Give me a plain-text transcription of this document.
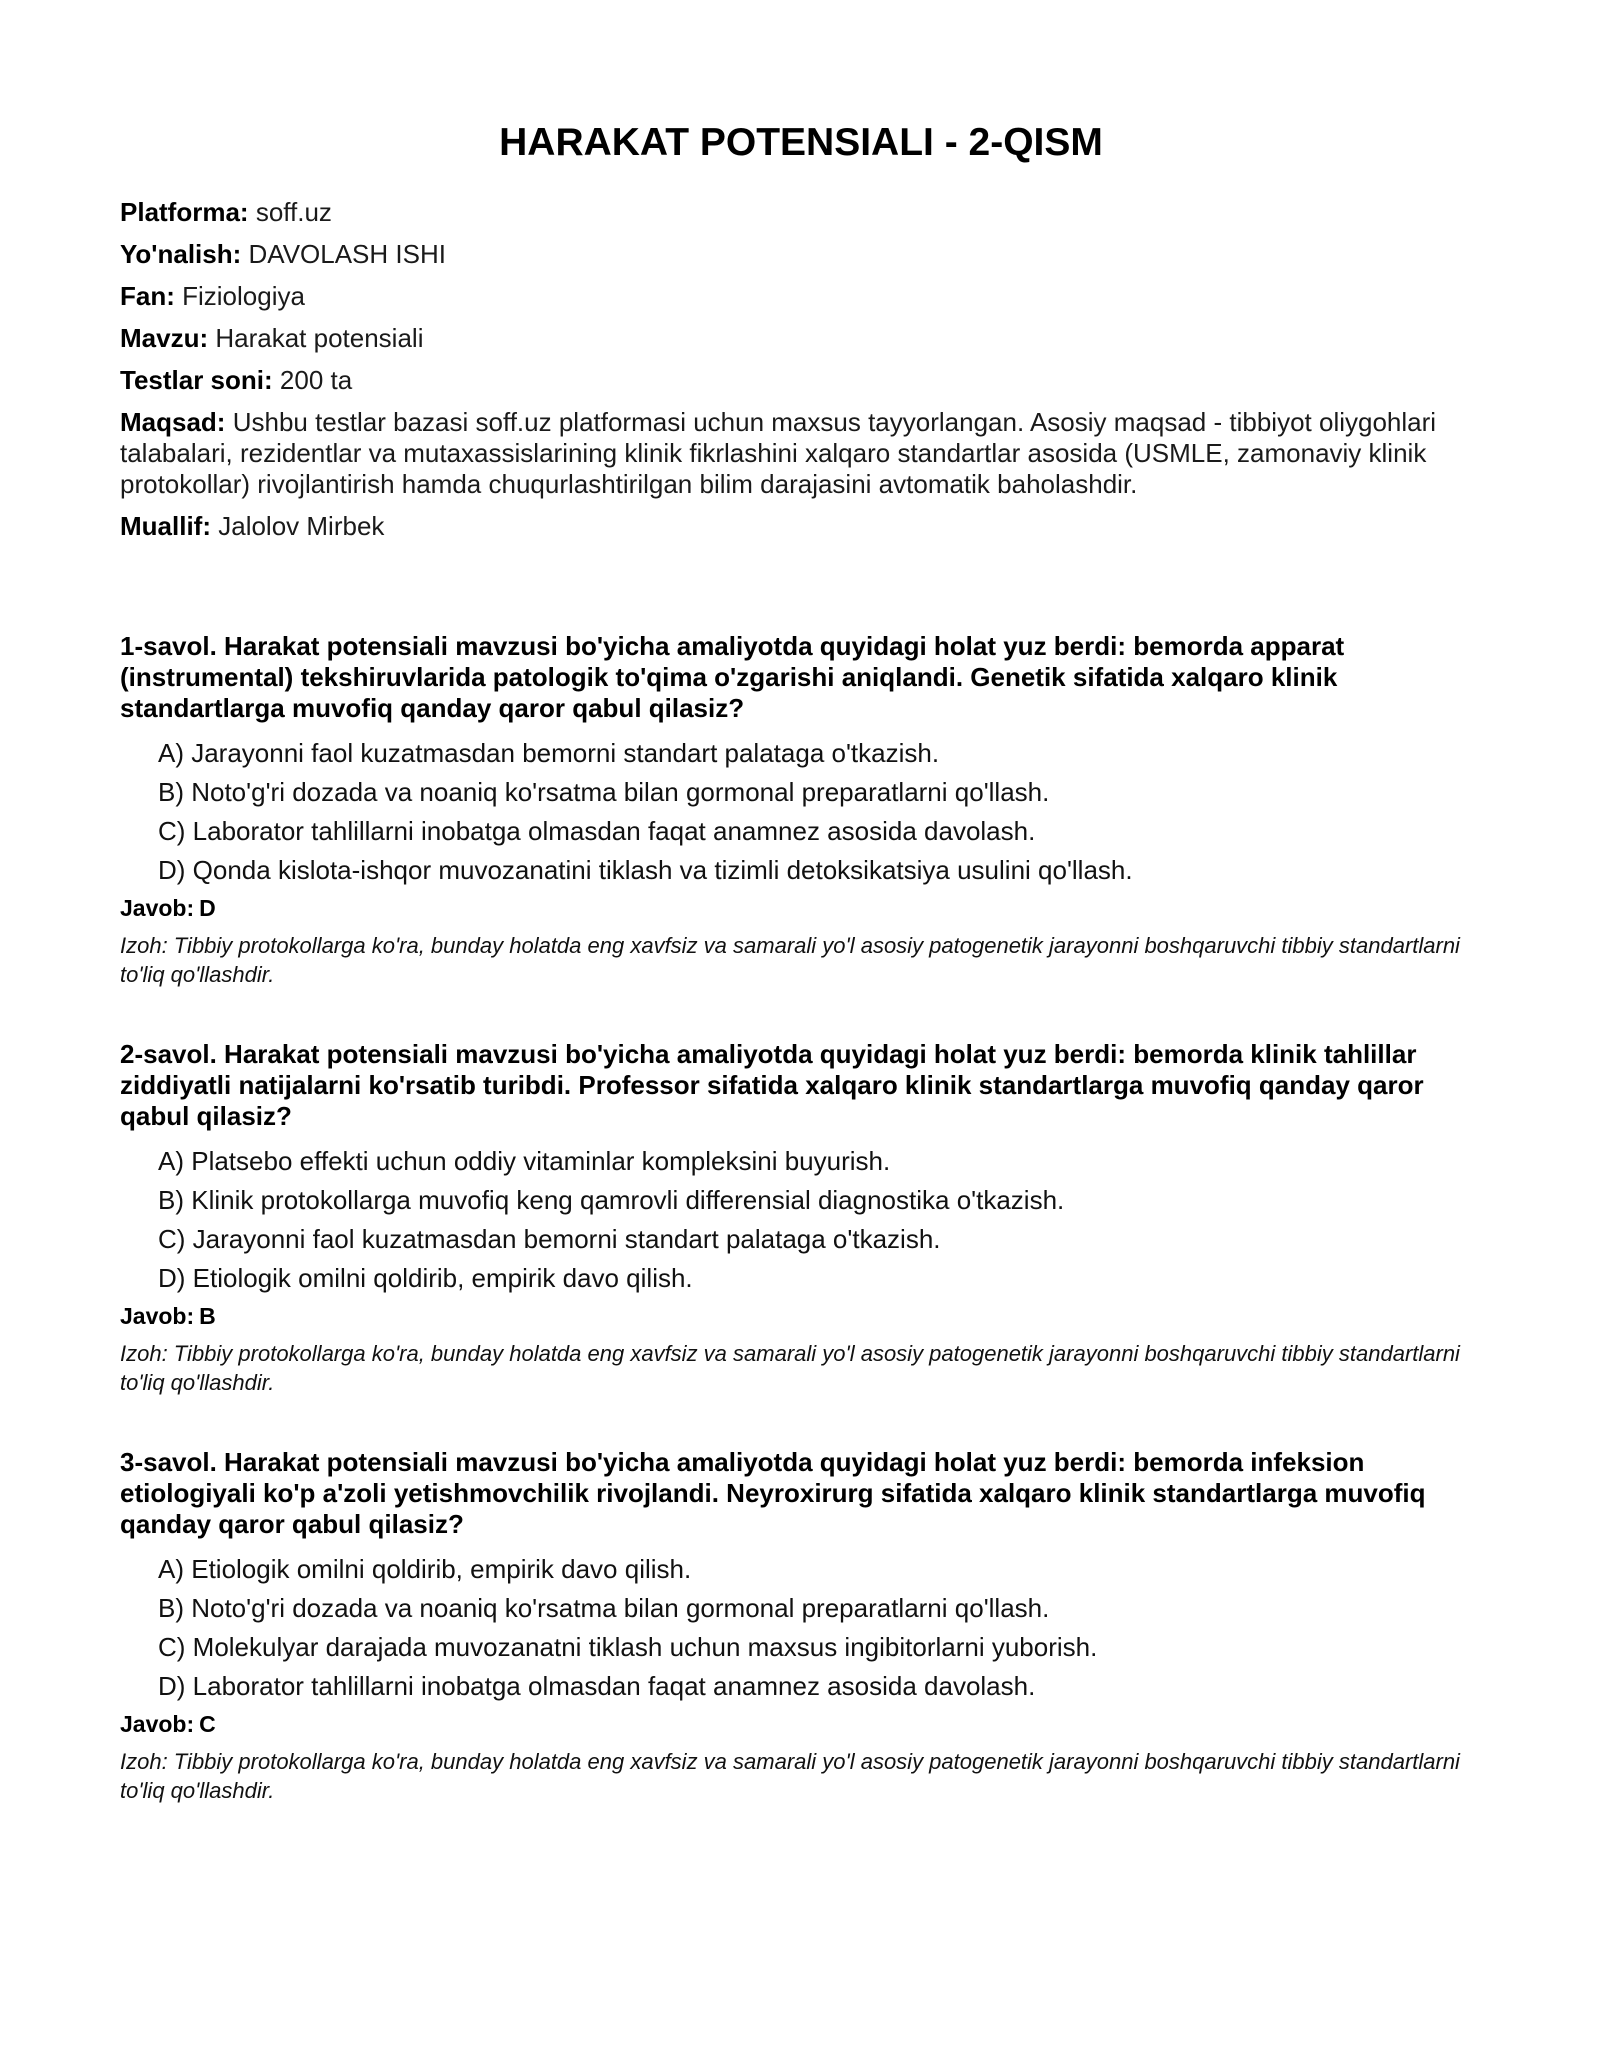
HARAKAT POTENSIALI - 2-QISM
Platforma: soff.uz
Yo'nalish: DAVOLASH ISHI
Fan: Fiziologiya
Mavzu: Harakat potensiali
Testlar soni: 200 ta
Maqsad: Ushbu testlar bazasi soff.uz platformasi uchun maxsus tayyorlangan. Asosiy maqsad - tibbiyot oliygohlari talabalari, rezidentlar va mutaxassislarining klinik fikrlashini xalqaro standartlar asosida (USMLE, zamonaviy klinik protokollar) rivojlantirish hamda chuqurlashtirilgan bilim darajasini avtomatik baholashdir.
Muallif: Jalolov Mirbek

1-savol. Harakat potensiali mavzusi bo'yicha amaliyotda quyidagi holat yuz berdi: bemorda apparat (instrumental) tekshiruvlarida patologik to'qima o'zgarishi aniqlandi. Genetik sifatida xalqaro klinik standartlarga muvofiq qanday qaror qabul qilasiz?

A) Jarayonni faol kuzatmasdan bemorni standart palataga o'tkazish.
B) Noto'g'ri dozada va noaniq ko'rsatma bilan gormonal preparatlarni qo'llash.
C) Laborator tahlillarni inobatga olmasdan faqat anamnez asosida davolash.
D) Qonda kislota-ishqor muvozanatini tiklash va tizimli detoksikatsiya usulini qo'llash.
Javob: D

Izoh: Tibbiy protokollarga ko'ra, bunday holatda eng xavfsiz va samarali yo'l asosiy patogenetik jarayonni boshqaruvchi tibbiy standartlarni to'liq qo'llashdir.

2-savol. Harakat potensiali mavzusi bo'yicha amaliyotda quyidagi holat yuz berdi: bemorda klinik tahlillar ziddiyatli natijalarni ko'rsatib turibdi. Professor sifatida xalqaro klinik standartlarga muvofiq qanday qaror qabul qilasiz?

A) Platsebo effekti uchun oddiy vitaminlar kompleksini buyurish.
B) Klinik protokollarga muvofiq keng qamrovli differensial diagnostika o'tkazish.
C) Jarayonni faol kuzatmasdan bemorni standart palataga o'tkazish.
D) Etiologik omilni qoldirib, empirik davo qilish.
Javob: B

Izoh: Tibbiy protokollarga ko'ra, bunday holatda eng xavfsiz va samarali yo'l asosiy patogenetik jarayonni boshqaruvchi tibbiy standartlarni to'liq qo'llashdir.

3-savol. Harakat potensiali mavzusi bo'yicha amaliyotda quyidagi holat yuz berdi: bemorda infeksion etiologiyali ko'p a'zoli yetishmovchilik rivojlandi. Neyroxirurg sifatida xalqaro klinik standartlarga muvofiq qanday qaror qabul qilasiz?

A) Etiologik omilni qoldirib, empirik davo qilish.
B) Noto'g'ri dozada va noaniq ko'rsatma bilan gormonal preparatlarni qo'llash.
C) Molekulyar darajada muvozanatni tiklash uchun maxsus ingibitorlarni yuborish.
D) Laborator tahlillarni inobatga olmasdan faqat anamnez asosida davolash.
Javob: C

Izoh: Tibbiy protokollarga ko'ra, bunday holatda eng xavfsiz va samarali yo'l asosiy patogenetik jarayonni boshqaruvchi tibbiy standartlarni to'liq qo'llashdir.
